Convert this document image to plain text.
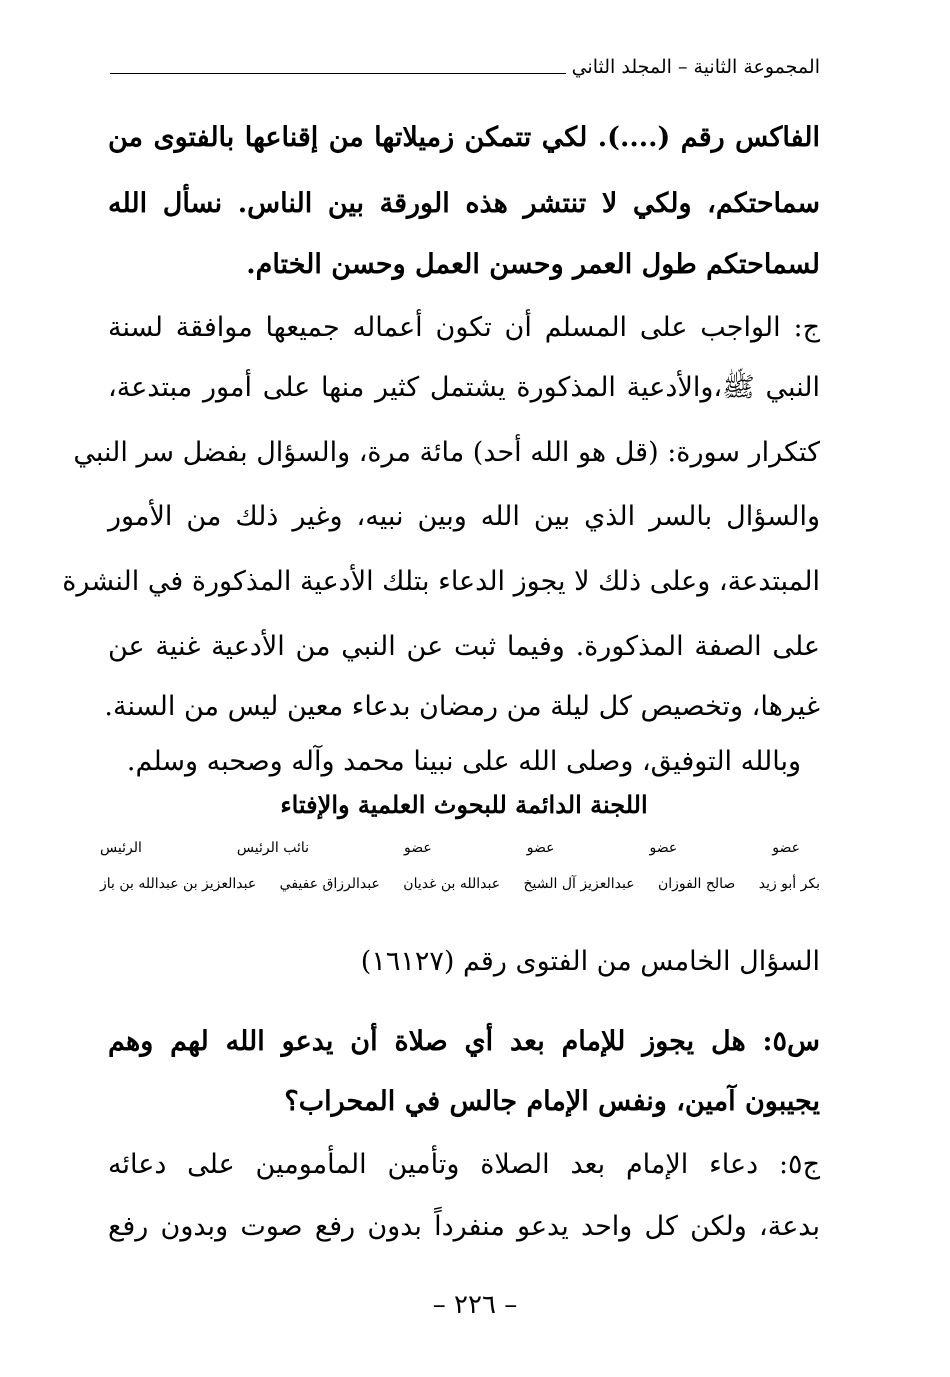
المجموعة الثانية – المجلد الثاني
الفاكس رقم (....). لكي تتمكن زميلاتها من إقناعها بالفتوى من
سماحتكم، ولكي لا تنتشر هذه الورقة بين الناس. نسأل الله
لسماحتكم طول العمر وحسن العمل وحسن الختام.
ج: الواجب على المسلم أن تكون أعماله جميعها موافقة لسنة
النبي ﷺ،والأدعية المذكورة يشتمل كثير منها على أمور مبتدعة،
كتكرار سورة: (قل هو الله أحد) مائة مرة، والسؤال بفضل سر النبي
والسؤال بالسر الذي بين الله وبين نبيه، وغير ذلك من الأمور
المبتدعة، وعلى ذلك لا يجوز الدعاء بتلك الأدعية المذكورة في النشرة
على الصفة المذكورة. وفيما ثبت عن النبي من الأدعية غنية عن
غيرها، وتخصيص كل ليلة من رمضان بدعاء معين ليس من السنة.
وبالله التوفيق، وصلى الله على نبينا محمد وآله وصحبه وسلم.
اللجنة الدائمة للبحوث العلمية والإفتاء
عضو
عضو
عضو
عضو
نائب الرئيس
الرئيس
بكر أبو زيد
صالح الفوزان
عبدالعزيز آل الشيخ
عبدالله بن غديان
عبدالرزاق عفيفي
عبدالعزيز بن عبدالله بن باز
السؤال الخامس من الفتوى رقم (١٦١٢٧)
س٥: هل يجوز للإمام بعد أي صلاة أن يدعو الله لهم وهم
يجيبون آمين، ونفس الإمام جالس في المحراب؟
ج٥: دعاء الإمام بعد الصلاة وتأمين المأمومين على دعائه
بدعة، ولكن كل واحد يدعو منفرداً بدون رفع صوت وبدون رفع
– ٢٢٦ –
